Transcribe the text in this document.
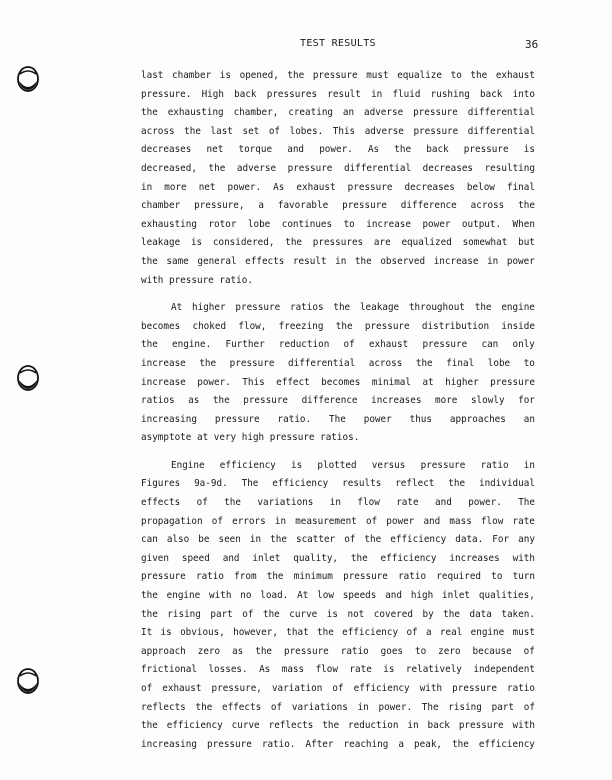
TEST RESULTS	36
last chamber is opened, the pressure must equalize to the exhaust
pressure. High back pressures result in fluid rushing back into
the exhausting chamber, creating an adverse pressure differential
across the last set of lobes. This adverse pressure differential
decreases net torque and power. As the back pressure is
decreased, the adverse pressure differential decreases resulting
in more net power. As exhaust pressure decreases below final
chamber pressure, a favorable pressure difference across the
exhausting rotor lobe continues to increase power output. When
leakage is considered, the pressures are equalized somewhat but
the same general effects result in the observed increase in power
with pressure ratio.
At higher pressure ratios the leakage throughout the engine
becomes choked flow, freezing the pressure distribution inside
the engine. Further reduction of exhaust pressure can only
increase the pressure differential across the final lobe to
increase power. This effect becomes minimal at higher pressure
ratios as the pressure difference increases more slowly for
increasing pressure ratio. The power thus approaches an
asymptote at very high pressure ratios.
Engine efficiency is plotted versus pressure ratio in
Figures 9a-9d. The efficiency results reflect the individual
effects of the variations in flow rate and power. The
propagation of errors in measurement of power and mass flow rate
can also be seen in the scatter of the efficiency data. For any
given speed and inlet quality, the efficiency increases with
pressure ratio from the minimum pressure ratio required to turn
the engine with no load. At low speeds and high inlet qualities,
the rising part of the curve is not covered by the data taken.
It is obvious, however, that the efficiency of a real engine must
approach zero as the pressure ratio goes to zero because of
frictional losses. As mass flow rate is relatively independent
of exhaust pressure, variation of efficiency with pressure ratio
reflects the effects of variations in power. The rising part of
the efficiency curve reflects the reduction in back pressure with
increasing pressure ratio. After reaching a peak, the efficiency
